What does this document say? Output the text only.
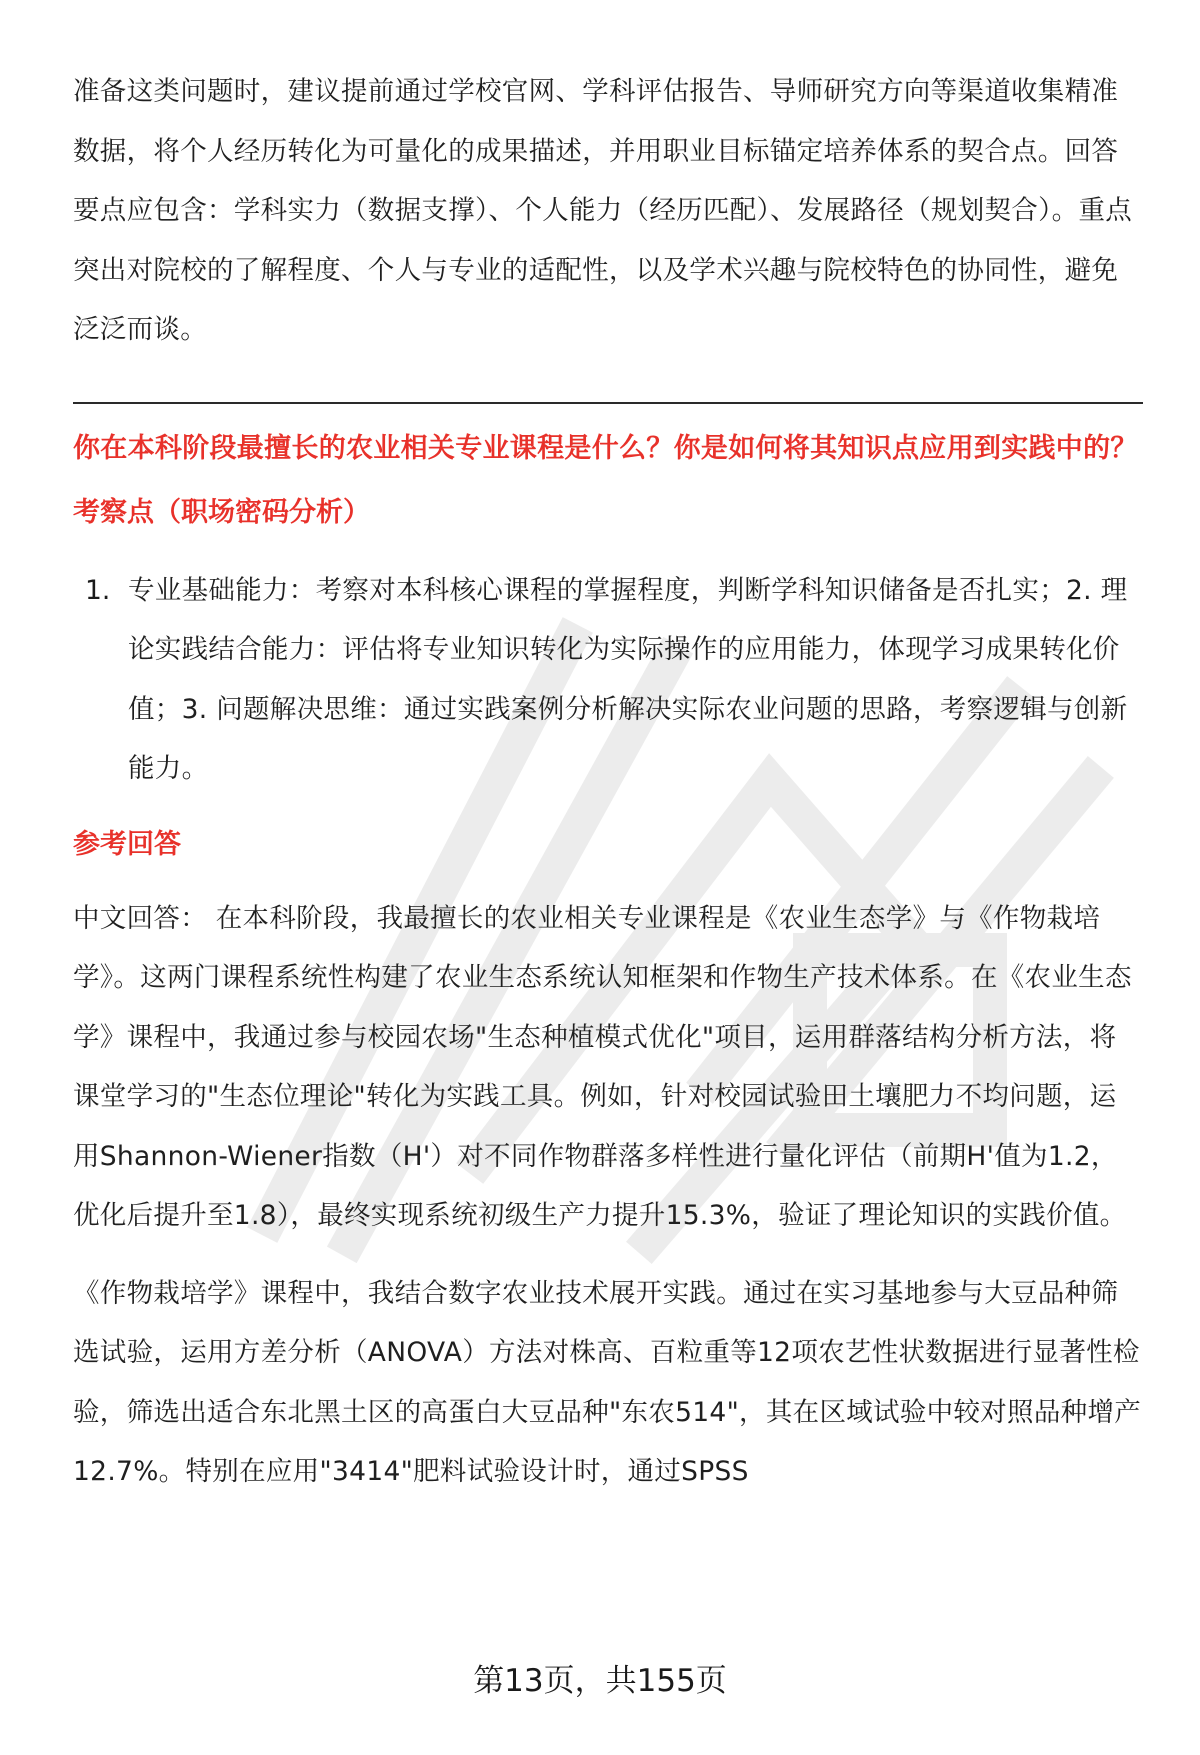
准备这类问题时，建议提前通过学校官网、学科评估报告、导师研究方向等渠道收集精准数据，将个人经历转化为可量化的成果描述，并用职业目标锚定培养体系的契合点。回答要点应包含：学科实力（数据支撑）、个人能力（经历匹配）、发展路径（规划契合）。重点突出对院校的了解程度、个人与专业的适配性，以及学术兴趣与院校特色的协同性，避免泛泛而谈。

你在本科阶段最擅长的农业相关专业课程是什么？你是如何将其知识点应用到实践中的？

考察点（职场密码分析）

1. 专业基础能力：考察对本科核心课程的掌握程度，判断学科知识储备是否扎实；2. 理论实践结合能力：评估将专业知识转化为实际操作的应用能力，体现学习成果转化价值；3. 问题解决思维：通过实践案例分析解决实际农业问题的思路，考察逻辑与创新能力。

参考回答

中文回答： 在本科阶段，我最擅长的农业相关专业课程是《农业生态学》与《作物栽培学》。这两门课程系统性构建了农业生态系统认知框架和作物生产技术体系。在《农业生态学》课程中，我通过参与校园农场"生态种植模式优化"项目，运用群落结构分析方法，将课堂学习的"生态位理论"转化为实践工具。例如，针对校园试验田土壤肥力不均问题，运用Shannon-Wiener指数（H'）对不同作物群落多样性进行量化评估（前期H'值为1.2，优化后提升至1.8），最终实现系统初级生产力提升15.3%，验证了理论知识的实践价值。

《作物栽培学》课程中，我结合数字农业技术展开实践。通过在实习基地参与大豆品种筛选试验，运用方差分析（ANOVA）方法对株高、百粒重等12项农艺性状数据进行显著性检验，筛选出适合东北黑土区的高蛋白大豆品种"东农514"，其在区域试验中较对照品种增产12.7%。特别在应用"3414"肥料试验设计时，通过SPSS

第13页，共155页
